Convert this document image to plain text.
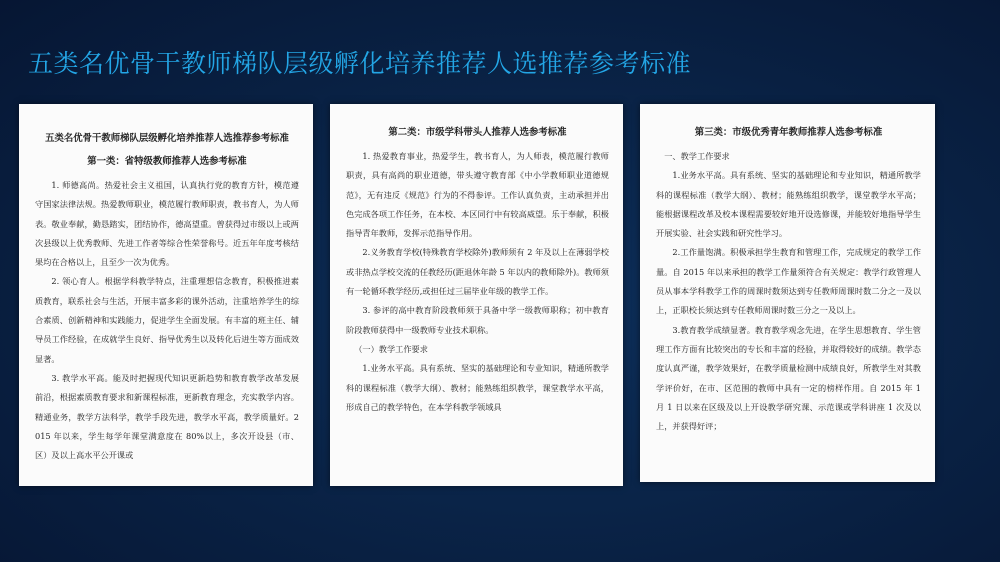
五类名优骨干教师梯队层级孵化培养推荐人选推荐参考标准
五类名优骨干教师梯队层级孵化培养推荐人选推荐参考标准
第一类：省特级教师推荐人选参考标准

1. 师德高尚。热爱社会主义祖国，认真执行党的教育方针，模范遵守国家法律法规。热爱教师职业，模范履行教师职责，教书育人，为人师表。敬业奉献，勤恳踏实，团结协作，德高望重。曾获得过市级以上或两次县级以上优秀教师、先进工作者等综合性荣誉称号。近五年年度考核结果均在合格以上，且至少一次为优秀。

2. 领心育人。根据学科教学特点，注重理想信念教育，积极推进素质教育，联系社会与生活，开展丰富多彩的课外活动，注重培养学生的综合素质、创新精神和实践能力，促进学生全面发展。有丰富的班主任、辅导员工作经验，在成就学生良好、指导优秀生以及转化后进生等方面成效显著。

3. 教学水平高。能及时把握现代知识更新趋势和教育教学改革发展前沿，根据素质教育要求和新课程标准，更新教育理念，充实教学内容。精通业务，教学方法科学，教学手段先进，教学水平高，教学质量好。2015 年以来，学生每学年课堂满意度在 80%以上，多次开设县（市、区）及以上高水平公开课或

第二类：市级学科带头人推荐人选参考标准

1. 热爱教育事业，热爱学生，教书育人，为人师表，模范履行教师职责，具有高尚的职业道德，带头遵守教育部《中小学教师职业道德规范》，无有违反《规范》行为的不得参评。工作认真负责，主动承担并出色完成各项工作任务，在本校、本区同行中有较高威望。乐于奉献，积极指导青年教师，发挥示范指导作用。

2.义务教育学校(特殊教育学校除外)教师须有 2 年及以上在薄弱学校或非热点学校交流的任教经历(距退休年龄 5 年以内的教师除外)。教师须有一轮循环教学经历,或担任过三届毕业年级的教学工作。

3. 参评的高中教育阶段教师须于具备中学一级教师职称；初中教育阶段教师获得中一级教师专业技术职称。

（一）教学工作要求

1.业务水平高。具有系统、坚实的基础理论和专业知识，精通所教学科的课程标准（教学大纲）、教材；能熟练组织教学，课堂教学水平高，形成自己的教学特色，在本学科教学领域具

第三类：市级优秀青年教师推荐人选参考标准

一、教学工作要求

1.业务水平高。具有系统、坚实的基础理论和专业知识，精通所教学科的课程标准（教学大纲）、教材；能熟练组织教学，课堂教学水平高；能根据课程改革及校本课程需要较好地开设选修课，并能较好地指导学生开展实验、社会实践和研究性学习。

2.工作量饱满。积极承担学生教育和管理工作，完成规定的教学工作量。自 2015 年以来承担的教学工作量须符合有关规定：教学行政管理人员从事本学科教学工作的周课时数须达到专任教师周课时数二分之一及以上，正职校长须达到专任教师周课时数三分之一及以上。

3.教育教学成绩显著。教育教学观念先进，在学生思想教育、学生管理工作方面有比较突出的专长和丰富的经验，并取得较好的成绩。教学态度认真严谨，教学效果好，在教学质量检测中成绩良好，所教学生对其教学评价好，在市、区范围的教师中具有一定的榜样作用。自 2015 年 1 月 1 日以来在区级及以上开设教学研究课、示范课或学科讲座 1 次及以上，并获得好评；
